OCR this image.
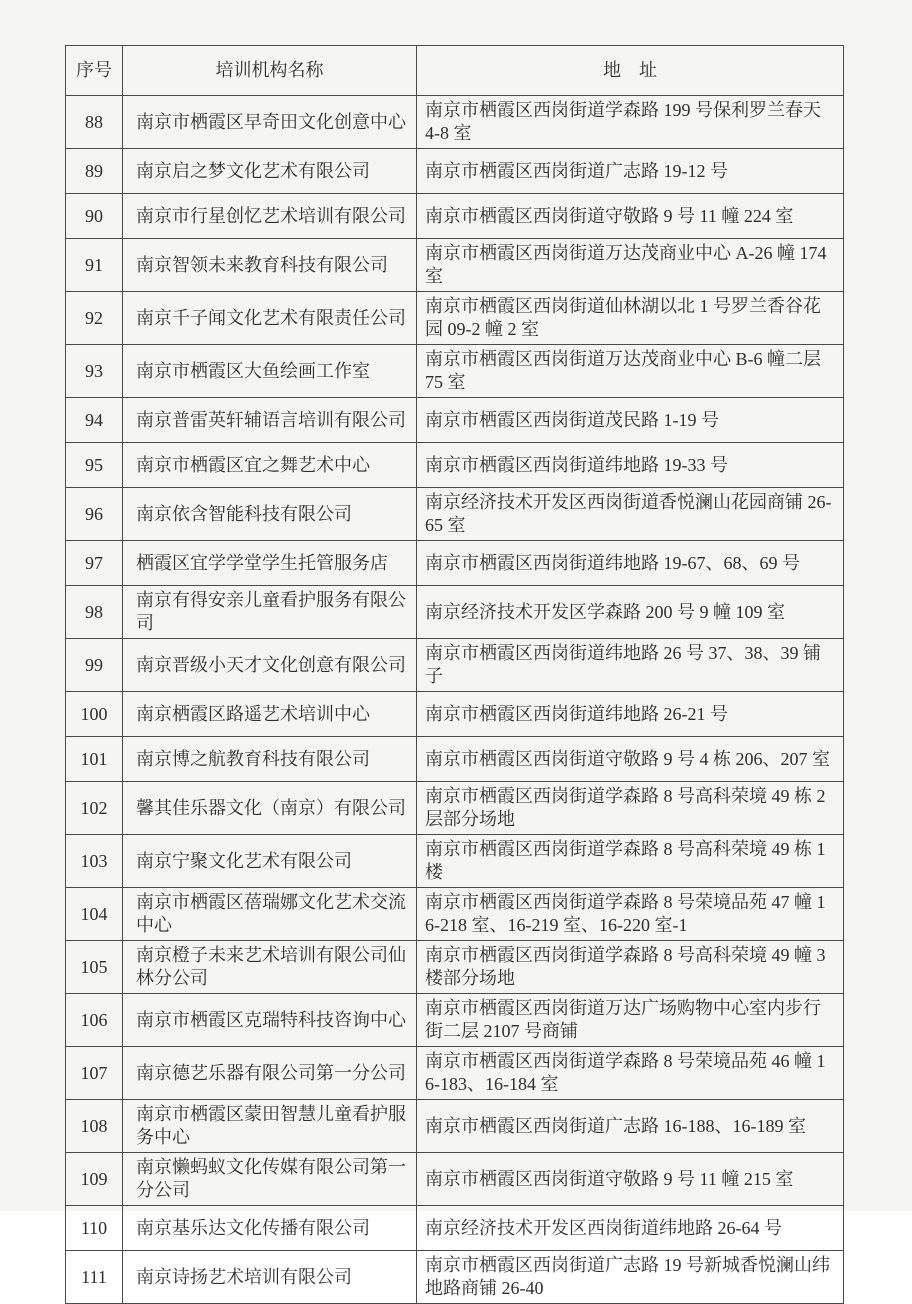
序号	培训机构名称	地　址
88	南京市栖霞区早奇田文化创意中心	南京市栖霞区西岗街道学森路 199 号保利罗兰春天 4-8 室
89	南京启之梦文化艺术有限公司	南京市栖霞区西岗街道广志路 19-12 号
90	南京市行星创忆艺术培训有限公司	南京市栖霞区西岗街道守敬路 9 号 11 幢 224 室
91	南京智领未来教育科技有限公司	南京市栖霞区西岗街道万达茂商业中心 A-26 幢 174 室
92	南京千子闻文化艺术有限责任公司	南京市栖霞区西岗街道仙林湖以北 1 号罗兰香谷花园 09-2 幢 2 室
93	南京市栖霞区大鱼绘画工作室	南京市栖霞区西岗街道万达茂商业中心 B-6 幢二层 75 室
94	南京普雷英轩辅语言培训有限公司	南京市栖霞区西岗街道茂民路 1-19 号
95	南京市栖霞区宜之舞艺术中心	南京市栖霞区西岗街道纬地路 19-33 号
96	南京依含智能科技有限公司	南京经济技术开发区西岗街道香悦澜山花园商铺 26-65 室
97	栖霞区宜学学堂学生托管服务店	南京市栖霞区西岗街道纬地路 19-67、68、69 号
98	南京有得安亲儿童看护服务有限公司	南京经济技术开发区学森路 200 号 9 幢 109 室
99	南京晋级小天才文化创意有限公司	南京市栖霞区西岗街道纬地路 26 号 37、38、39 铺子
100	南京栖霞区路遥艺术培训中心	南京市栖霞区西岗街道纬地路 26-21 号
101	南京博之航教育科技有限公司	南京市栖霞区西岗街道守敬路 9 号 4 栋 206、207 室
102	馨其佳乐器文化（南京）有限公司	南京市栖霞区西岗街道学森路 8 号高科荣境 49 栋 2 层部分场地
103	南京宁聚文化艺术有限公司	南京市栖霞区西岗街道学森路 8 号高科荣境 49 栋 1 楼
104	南京市栖霞区蓓瑞娜文化艺术交流中心	南京市栖霞区西岗街道学森路 8 号荣境品苑 47 幢 16-218 室、16-219 室、16-220 室-1
105	南京橙子未来艺术培训有限公司仙林分公司	南京市栖霞区西岗街道学森路 8 号高科荣境 49 幢 3 楼部分场地
106	南京市栖霞区克瑞特科技咨询中心	南京市栖霞区西岗街道万达广场购物中心室内步行街二层 2107 号商铺
107	南京德艺乐器有限公司第一分公司	南京市栖霞区西岗街道学森路 8 号荣境品苑 46 幢 16-183、16-184 室
108	南京市栖霞区蒙田智慧儿童看护服务中心	南京市栖霞区西岗街道广志路 16-188、16-189 室
109	南京懒蚂蚁文化传媒有限公司第一分公司	南京市栖霞区西岗街道守敬路 9 号 11 幢 215 室
110	南京基乐达文化传播有限公司	南京经济技术开发区西岗街道纬地路 26-64 号
111	南京诗扬艺术培训有限公司	南京市栖霞区西岗街道广志路 19 号新城香悦澜山纬地路商铺 26-40
